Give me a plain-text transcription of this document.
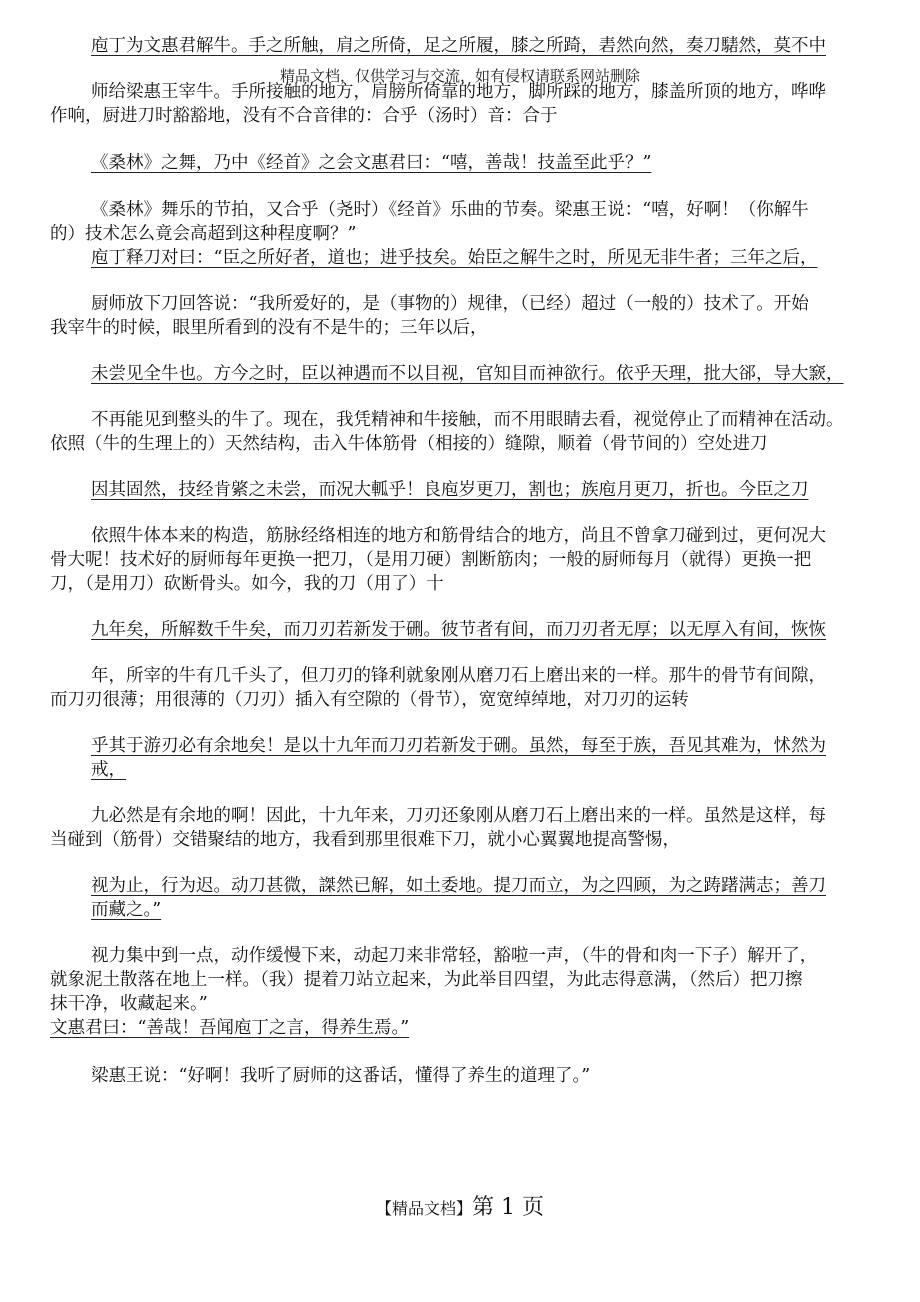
精品文档，仅供学习与交流，如有侵权请联系网站删除
庖丁为文惠君解牛。手之所触，肩之所倚，足之所履，膝之所踦，砉然向然，奏刀騞然，莫不中
师给梁惠王宰牛。手所接触的地方，肩膀所倚靠的地方，脚所踩的地方，膝盖所顶的地方，哗哗
作响，厨进刀时豁豁地，没有不合音律的：合乎（汤时）音：合于
《桑林》之舞，乃中《经首》之会文惠君曰：“嘻，善哉！技盖至此乎？”
《桑林》舞乐的节拍，又合乎（尧时）《经首》乐曲的节奏。梁惠王说：“嘻，好啊！（你解牛
的）技术怎么竟会高超到这种程度啊？”
庖丁释刀对曰：“臣之所好者，道也；进乎技矣。始臣之解牛之时，所见无非牛者；三年之后，
厨师放下刀回答说：“我所爱好的，是（事物的）规律，（已经）超过（一般的）技术了。开始
我宰牛的时候，眼里所看到的没有不是牛的；三年以后，
未尝见全牛也。方今之时，臣以神遇而不以目视，官知目而神欲行。依乎天理，批大郤，导大窾，
不再能见到整头的牛了。现在，我凭精神和牛接触，而不用眼睛去看，视觉停止了而精神在活动。
依照（牛的生理上的）天然结构，击入牛体筋骨（相接的）缝隙，顺着（骨节间的）空处进刀
因其固然，技经肯綮之未尝，而况大軱乎！良庖岁更刀，割也；族庖月更刀，折也。今臣之刀
依照牛体本来的构造，筋脉经络相连的地方和筋骨结合的地方，尚且不曾拿刀碰到过，更何况大
骨大呢！技术好的厨师每年更换一把刀，（是用刀硬）割断筋肉；一般的厨师每月（就得）更换一把
刀，（是用刀）砍断骨头。如今，我的刀（用了）十
九年矣，所解数千牛矣，而刀刃若新发于硎。彼节者有间，而刀刃者无厚；以无厚入有间，恢恢
年，所宰的牛有几千头了，但刀刃的锋利就象刚从磨刀石上磨出来的一样。那牛的骨节有间隙，
而刀刃很薄；用很薄的（刀刃）插入有空隙的（骨节），宽宽绰绰地，对刀刃的运转
乎其于游刃必有余地矣！是以十九年而刀刃若新发于硎。虽然，每至于族，吾见其难为，怵然为
戒，
九必然是有余地的啊！因此，十九年来，刀刃还象刚从磨刀石上磨出来的一样。虽然是这样，每
当碰到（筋骨）交错聚结的地方，我看到那里很难下刀，就小心翼翼地提高警惕，
视为止，行为迟。动刀甚微，謋然已解，如土委地。提刀而立，为之四顾，为之踌躇满志；善刀
而藏之。”
视力集中到一点，动作缓慢下来，动起刀来非常轻，豁啦一声，（牛的骨和肉一下子）解开了，
就象泥土散落在地上一样。（我）提着刀站立起来，为此举目四望，为此志得意满，（然后）把刀擦
抹干净，收藏起来。”
文惠君曰：“善哉！吾闻庖丁之言，得养生焉。”
梁惠王说：“好啊！我听了厨师的这番话，懂得了养生的道理了。”
【精品文档】第 1 页
